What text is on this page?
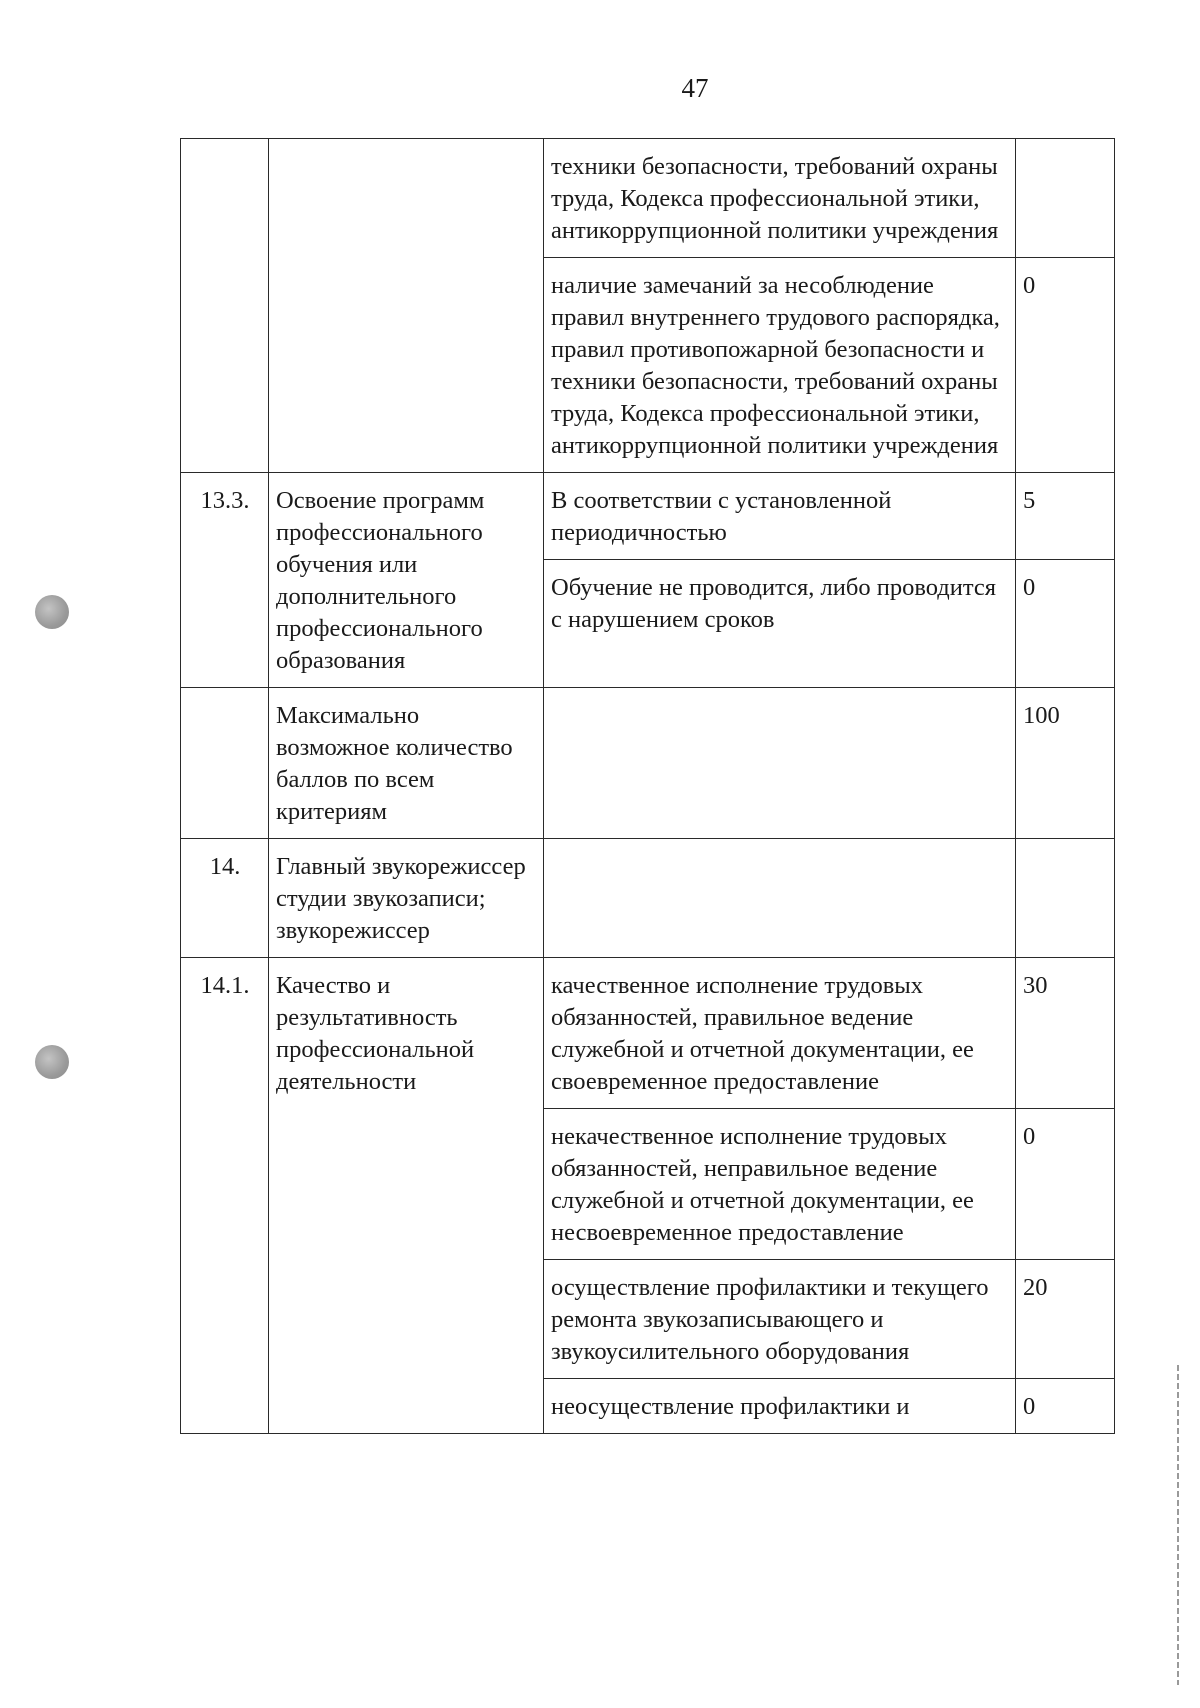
47
		техники безопасности, требований охраны труда, Кодекса профессиональной этики, антикоррупционной политики учреждения	
		наличие замечаний за несоблюдение правил внутреннего трудового распорядка, правил противопожарной безопасности и техники безопасности, требований охраны труда, Кодекса профессиональной этики, антикоррупционной политики учреждения	0
13.3.	Освоение программ профессионального обучения или дополнительного профессионального образования	В соответствии с установленной периодичностью	5
		Обучение не проводится, либо проводится с нарушением сроков	0
	Максимально возможное количество баллов по всем критериям		100
14.	Главный звукорежиссер студии звукозаписи; звукорежиссер		
14.1.	Качество и результативность профессиональной деятельности	качественное исполнение трудовых обязанностей, правильное ведение служебной и отчетной документации, ее своевременное предоставление	30
		некачественное исполнение трудовых обязанностей, неправильное ведение служебной и отчетной документации, ее несвоевременное предоставление	0
		осуществление профилактики и текущего ремонта звукозаписывающего и звукоусилительного оборудования	20
		неосуществление профилактики и	0
